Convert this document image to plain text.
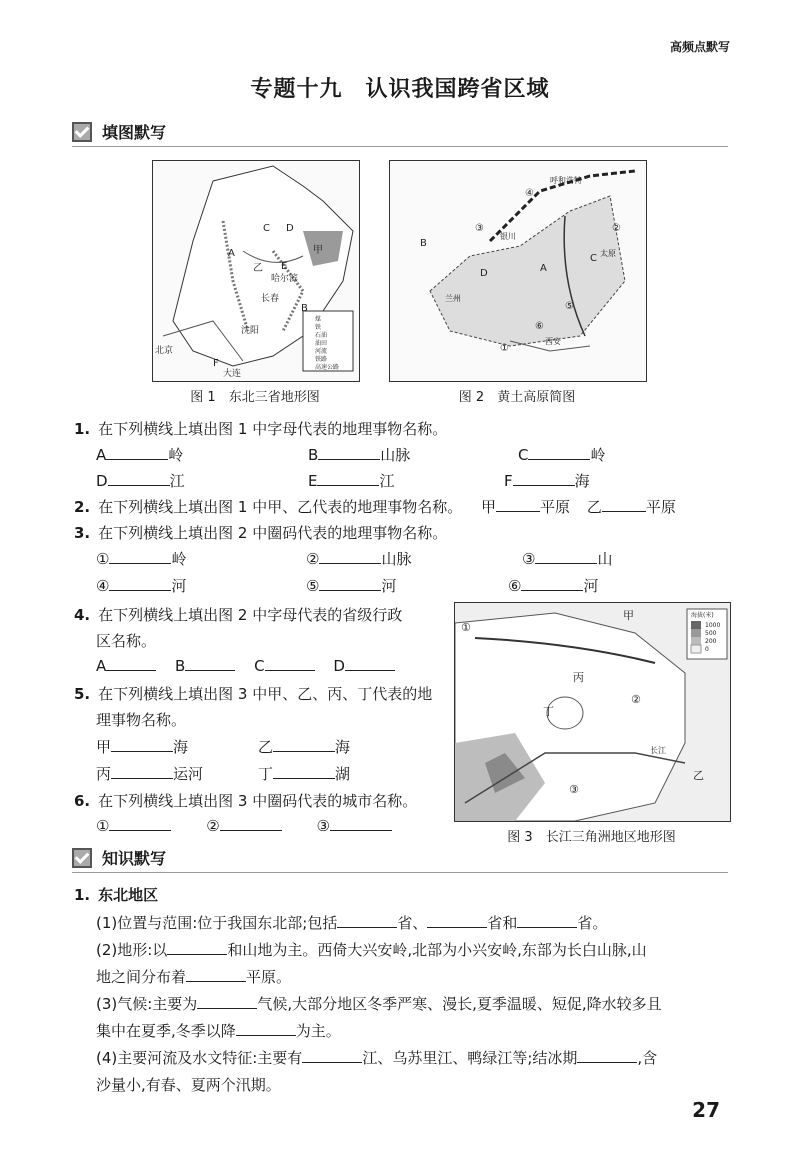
高频点默写
专题十九　认识我国跨省区域
填图默写
A
B
C D
E
F
甲
乙
长春
北京
大连
沈阳
哈尔滨
煤
铁
石油
油田
河流
铁路
高速公路
图 1　东北三省地形图
A
B
C
D
①
②
③
④
⑤
⑥
呼和浩特
银川
兰州
西安
太原
图 2　黄土高原简图
1. 在下列横线上填出图 1 中字母代表的地理事物名称。
A	岭	B	山脉	C	岭
D	江	E	江	F	海
2. 在下列横线上填出图 1 中甲、乙代表的地理事物名称。 甲	平原 乙	平原
3. 在下列横线上填出图 2 中圈码代表的地理事物名称。
①	岭	②	山脉	③	山
④	河	⑤	河	⑥	河
4. 在下列横线上填出图 2 中字母代表的省级行政
区名称。
A	B	C	D
5. 在下列横线上填出图 3 中甲、乙、丙、丁代表的地
理事物名称。
甲	海	乙	海
丙	运河	丁	湖
6. 在下列横线上填出图 3 中圈码代表的城市名称。
①	②	③
甲
乙
丙
丁
①
②
③
长江
海拔(米)
1000
500
200
0
图 3　长江三角洲地区地形图
知识默写
1. 东北地区
(1)位置与范围:位于我国东北部;包括	省、	省和	省。
(2)地形:以	和山地为主。西倚大兴安岭,北部为小兴安岭,东部为长白山脉,山
地之间分布着	平原。
(3)气候:主要为	气候,大部分地区冬季严寒、漫长,夏季温暖、短促,降水较多且
集中在夏季,冬季以降	为主。
(4)主要河流及水文特征:主要有	江、乌苏里江、鸭绿江等;结冰期	,含
沙量小,有春、夏两个汛期。
27
